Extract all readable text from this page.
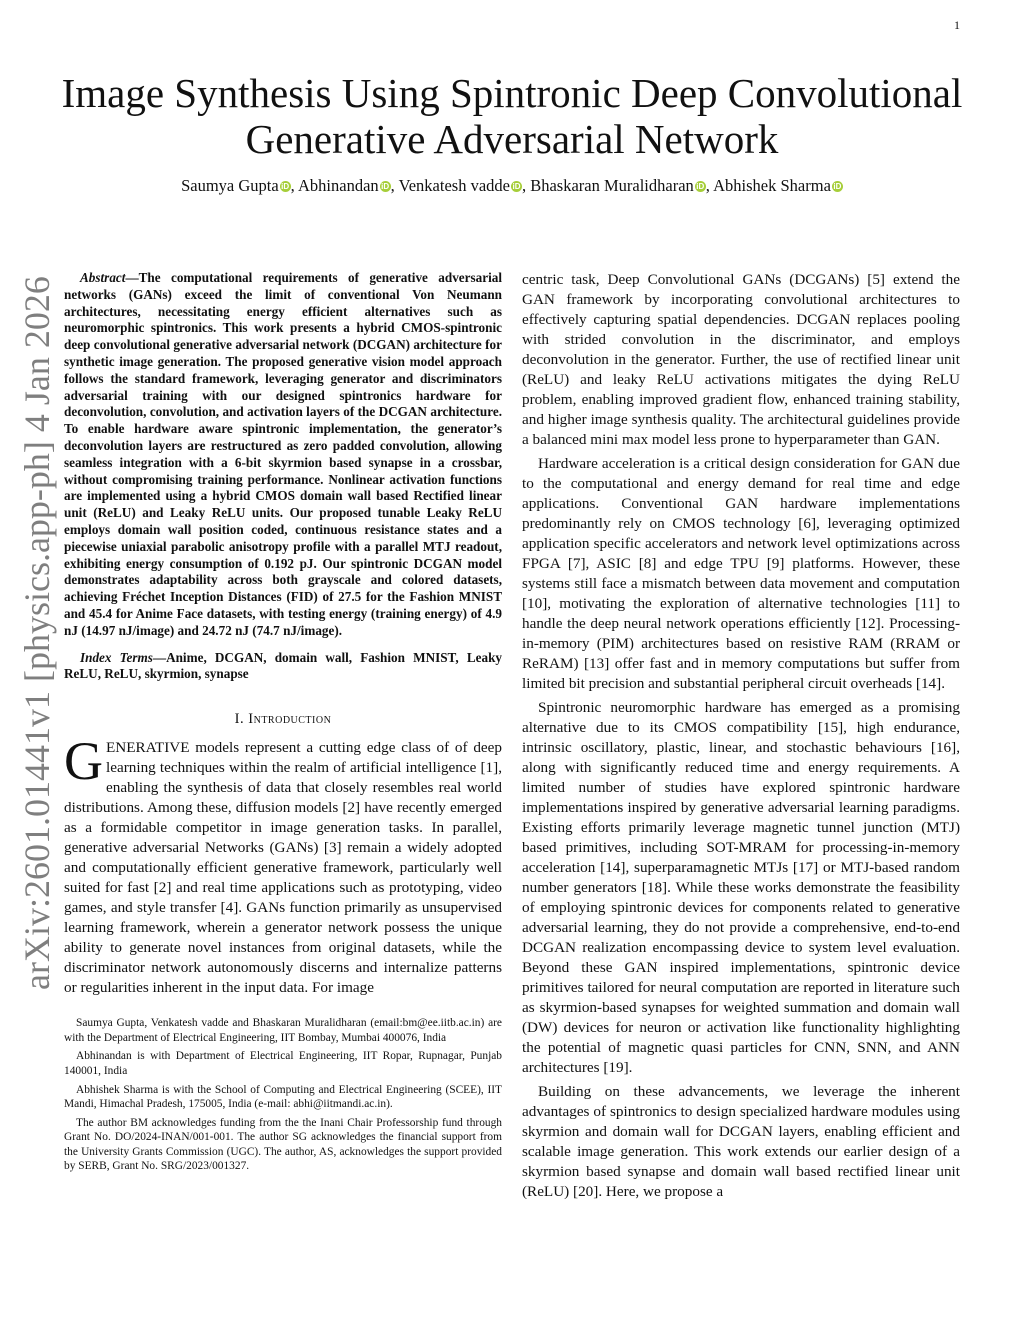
1
arXiv:2601.01441v1 [physics.app-ph] 4 Jan 2026
Image Synthesis Using Spintronic Deep Convolutional Generative Adversarial Network
Saumya Gupta iD, Abhinandan iD, Venkatesh vadde iD, Bhaskaran Muralidharan iD, Abhishek Sharma iD

Abstract—The computational requirements of generative adversarial networks (GANs) exceed the limit of conventional Von Neumann architectures, necessitating energy efficient alternatives such as neuromorphic spintronics. This work presents a hybrid CMOS-spintronic deep convolutional generative adversarial network (DCGAN) architecture for synthetic image generation. The proposed generative vision model approach follows the standard framework, leveraging generator and discriminators adversarial training with our designed spintronics hardware for deconvolution, convolution, and activation layers of the DCGAN architecture. To enable hardware aware spintronic implementation, the generator’s deconvolution layers are restructured as zero padded convolution, allowing seamless integration with a 6-bit skyrmion based synapse in a crossbar, without compromising training performance. Nonlinear activation functions are implemented using a hybrid CMOS domain wall based Rectified linear unit (ReLU) and Leaky ReLU units. Our proposed tunable Leaky ReLU employs domain wall position coded, continuous resistance states and a piecewise uniaxial parabolic anisotropy profile with a parallel MTJ readout, exhibiting energy consumption of 0.192 pJ. Our spintronic DCGAN model demonstrates adaptability across both grayscale and colored datasets, achieving Fréchet Inception Distances (FID) of 27.5 for the Fashion MNIST and 45.4 for Anime Face datasets, with testing energy (training energy) of 4.9 nJ (14.97 nJ/image) and 24.72 nJ (74.7 nJ/image).

Index Terms—Anime, DCGAN, domain wall, Fashion MNIST, Leaky ReLU, ReLU, skyrmion, synapse

I. Introduction

GENERATIVE models represent a cutting edge class of of deep learning techniques within the realm of artificial intelligence [1], enabling the synthesis of data that closely resembles real world distributions. Among these, diffusion models [2] have recently emerged as a formidable competitor in image generation tasks. In parallel, generative adversarial Networks (GANs) [3] remain a widely adopted and computationally efficient generative framework, particularly well suited for fast [2] and real time applications such as prototyping, video games, and style transfer [4]. GANs function primarily as unsupervised learning framework, wherein a generator network possess the unique ability to generate novel instances from original datasets, while the discriminator network autonomously discerns and internalize patterns or regularities inherent in the input data. For image

Saumya Gupta, Venkatesh vadde and Bhaskaran Muralidharan (email:bm@ee.iitb.ac.in) are with the Department of Electrical Engineering, IIT Bombay, Mumbai 400076, India

Abhinandan is with Department of Electrical Engineering, IIT Ropar, Rupnagar, Punjab 140001, India

Abhishek Sharma is with the School of Computing and Electrical Engineering (SCEE), IIT Mandi, Himachal Pradesh, 175005, India (e-mail: abhi@iitmandi.ac.in).

The author BM acknowledges funding from the the Inani Chair Professorship fund through Grant No. DO/2024-INAN/001-001. The author SG acknowledges the financial support from the University Grants Commission (UGC). The author, AS, acknowledges the support provided by SERB, Grant No. SRG/2023/001327.

centric task, Deep Convolutional GANs (DCGANs) [5] extend the GAN framework by incorporating convolutional architectures to effectively capturing spatial dependencies. DCGAN replaces pooling with strided convolution in the discriminator, and employs deconvolution in the generator. Further, the use of rectified linear unit (ReLU) and leaky ReLU activations mitigates the dying ReLU problem, enabling improved gradient flow, enhanced training stability, and higher image synthesis quality. The architectural guidelines provide a balanced mini max model less prone to hyperparameter than GAN.

Hardware acceleration is a critical design consideration for GAN due to the computational and energy demand for real time and edge applications. Conventional GAN hardware implementations predominantly rely on CMOS technology [6], leveraging optimized application specific accelerators and network level optimizations across FPGA [7], ASIC [8] and edge TPU [9] platforms. However, these systems still face a mismatch between data movement and computation [10], motivating the exploration of alternative technologies [11] to handle the deep neural network operations efficiently [12]. Processing-in-memory (PIM) architectures based on resistive RAM (RRAM or ReRAM) [13] offer fast and in memory computations but suffer from limited bit precision and substantial peripheral circuit overheads [14].

Spintronic neuromorphic hardware has emerged as a promising alternative due to its CMOS compatibility [15], high endurance, intrinsic oscillatory, plastic, linear, and stochastic behaviours [16], along with significantly reduced time and energy requirements. A limited number of studies have explored spintronic hardware implementations inspired by generative adversarial learning paradigms. Existing efforts primarily leverage magnetic tunnel junction (MTJ) based primitives, including SOT-MRAM for processing-in-memory acceleration [14], superparamagnetic MTJs [17] or MTJ-based random number generators [18]. While these works demonstrate the feasibility of employing spintronic devices for components related to generative adversarial learning, they do not provide a comprehensive, end-to-end DCGAN realization encompassing device to system level evaluation. Beyond these GAN inspired implementations, spintronic device primitives tailored for neural computation are reported in literature such as skyrmion-based synapses for weighted summation and domain wall (DW) devices for neuron or activation like functionality highlighting the potential of magnetic quasi particles for CNN, SNN, and ANN architectures [19].

Building on these advancements, we leverage the inherent advantages of spintronics to design specialized hardware modules using skyrmion and domain wall for DCGAN layers, enabling efficient and scalable image generation. This work extends our earlier design of a skyrmion based synapse and domain wall based rectified linear unit (ReLU) [20]. Here, we propose a
